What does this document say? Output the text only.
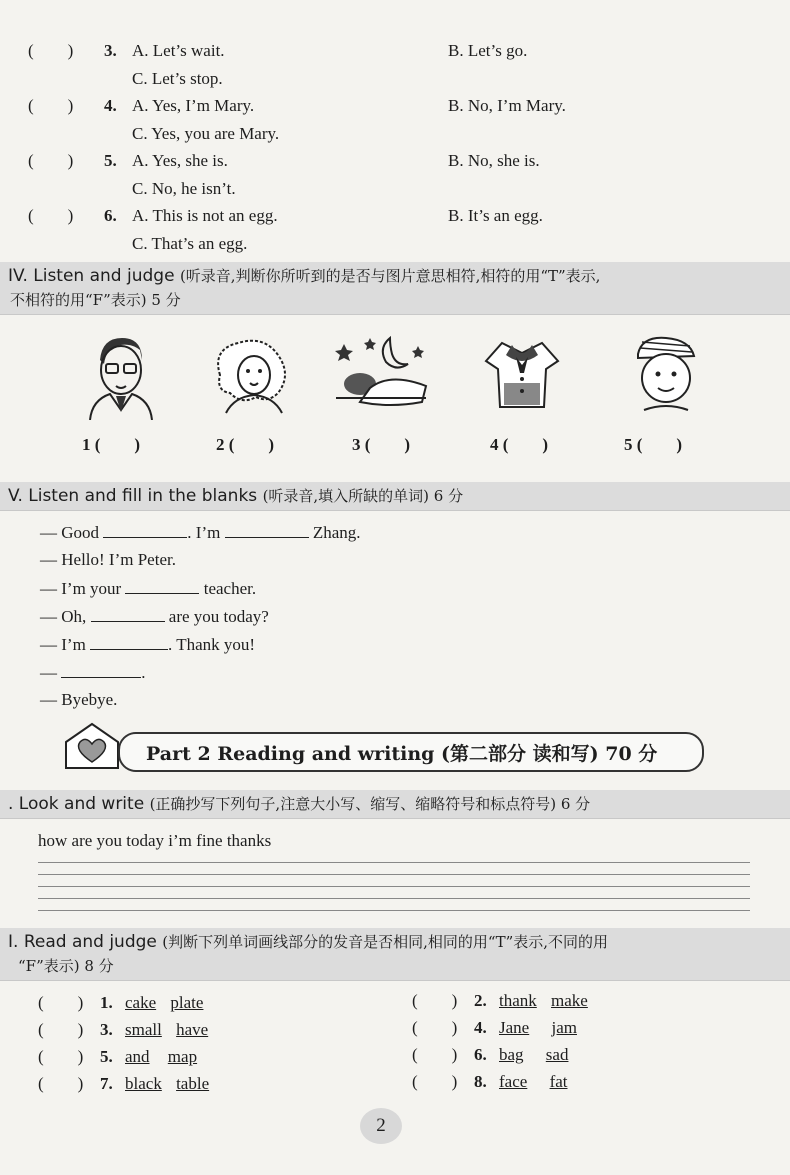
(　　) 3. A. Let’s wait.	B. Let’s go.
C. Let’s stop.
(　　) 4. A. Yes, I’m Mary.	B. No, I’m Mary.
C. Yes, you are Mary.
(　　) 5. A. Yes, she is.	B. No, she is.
C. No, he isn’t.
(　　) 6. A. This is not an egg.	B. It’s an egg.
C. That’s an egg.
IV. Listen and judge (听录音,判断你所听到的是否与图片意思相符,相符的用“T”表示,
不相符的用“F”表示) 5 分
1 (　　)	2 (　　)	3 (　　)	4 (　　)	5 (　　)
V. Listen and fill in the blanks (听录音,填入所缺的单词) 6 分
— Good	. I’m	Zhang.
— Hello! I’m Peter.
— I’m your	teacher.
— Oh,	are you today?
— I’m	. Thank you!
—	.
— Byebye.
Part 2 Reading and writing (第二部分 读和写) 70 分
. Look and write (正确抄写下列句子,注意大小写、缩写、缩略符号和标点符号) 6 分
how are you today i’m fine thanks
I. Read and judge (判断下列单词画线部分的发音是否相同,相同的用“T”表示,不同的用
“F”表示) 8 分
(　　) 1. cake plate
(　　) 3. small have
(　　) 5. and map
(　　) 7. black table
(　　) 2. thank make
(　　) 4. Jane jam
(　　) 6. bag sad
(　　) 8. face fat
2
